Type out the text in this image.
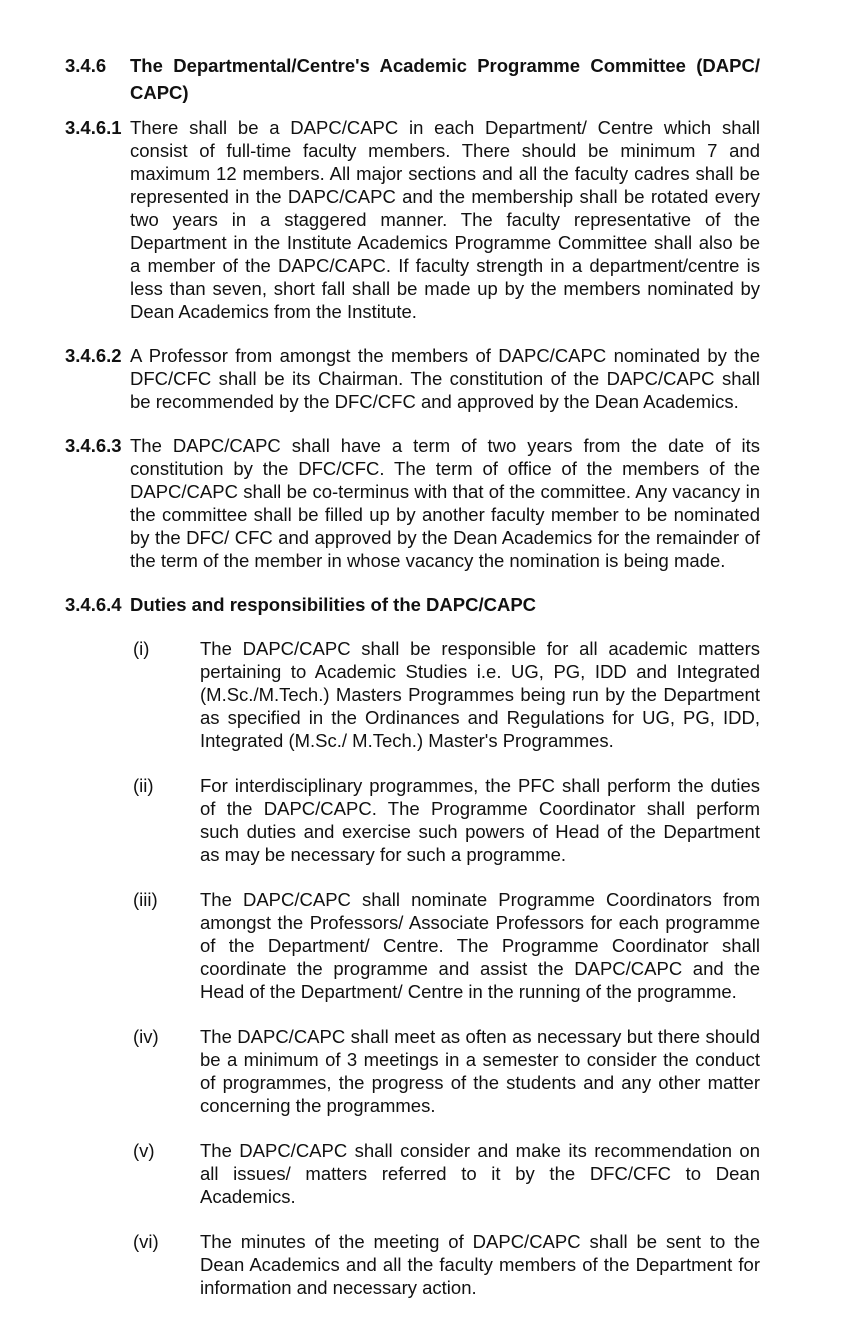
3.4.6	The Departmental/Centre's Academic Programme Committee (DAPC/ CAPC)
3.4.6.1 There shall be a DAPC/CAPC in each Department/ Centre which shall consist of full-time faculty members. There should be minimum 7 and maximum 12 members. All major sections and all the faculty cadres shall be represented in the DAPC/CAPC and the membership shall be rotated every two years in a staggered manner. The faculty representative of the Department in the Institute Academics Programme Committee shall also be a member of the DAPC/CAPC. If faculty strength in a department/centre is less than seven, short fall shall be made up by the members nominated by Dean Academics from the Institute.
3.4.6.2 A Professor from amongst the members of DAPC/CAPC nominated by the DFC/CFC shall be its Chairman. The constitution of the DAPC/CAPC shall be recommended by the DFC/CFC and approved by the Dean Academics.
3.4.6.3 The DAPC/CAPC shall have a term of two years from the date of its constitution by the DFC/CFC. The term of office of the members of the DAPC/CAPC shall be co-terminus with that of the committee. Any vacancy in the committee shall be filled up by another faculty member to be nominated by the DFC/ CFC and approved by the Dean Academics for the remainder of the term of the member in whose vacancy the nomination is being made.
3.4.6.4 Duties and responsibilities of the DAPC/CAPC
(i)	The DAPC/CAPC shall be responsible for all academic matters pertaining to Academic Studies i.e. UG, PG, IDD and Integrated (M.Sc./M.Tech.) Masters Programmes being run by the Department as specified in the Ordinances and Regulations for UG, PG, IDD, Integrated (M.Sc./ M.Tech.) Master's Programmes.
(ii)	For interdisciplinary programmes, the PFC shall perform the duties of the DAPC/CAPC. The Programme Coordinator shall perform such duties and exercise such powers of Head of the Department as may be necessary for such a programme.
(iii)	The DAPC/CAPC shall nominate Programme Coordinators from amongst the Professors/ Associate Professors for each programme of the Department/ Centre. The Programme Coordinator shall coordinate the programme and assist the DAPC/CAPC and the Head of the Department/ Centre in the running of the programme.
(iv)	The DAPC/CAPC shall meet as often as necessary but there should be a minimum of 3 meetings in a semester to consider the conduct of programmes, the progress of the students and any other matter concerning the programmes.
(v)	The DAPC/CAPC shall consider and make its recommendation on all issues/ matters referred to it by the DFC/CFC to Dean Academics.
(vi)	The minutes of the meeting of DAPC/CAPC shall be sent to the Dean Academics and all the faculty members of the Department for information and necessary action.
